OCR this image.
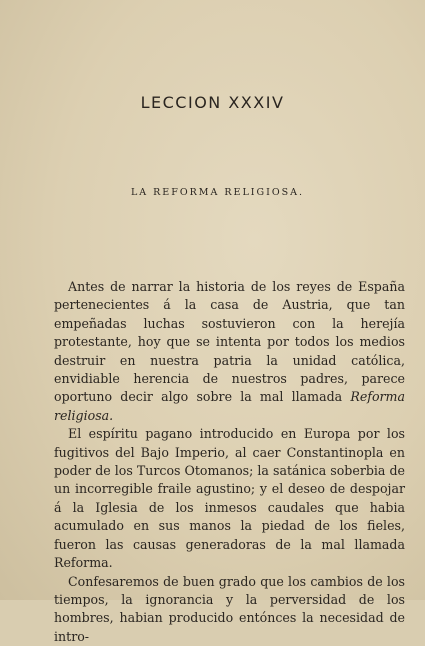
LECCION XXXIV
LA REFORMA RELIGIOSA.

Antes de narrar la historia de los reyes de España pertenecientes á la casa de Austria, que tan empeñadas luchas sostuvieron con la herejía protestante, hoy que se intenta por todos los medios destruir en nuestra patria la unidad católica, envidiable herencia de nuestros padres, parece oportuno decir algo sobre la mal llamada Reforma religiosa.

El espíritu pagano introducido en Europa por los fugitivos del Bajo Imperio, al caer Constantinopla en poder de los Turcos Otomanos; la satánica soberbia de un incorregible fraile agustino; y el deseo de despojar á la Iglesia de los inmesos caudales que habia acumulado en sus manos la piedad de los fieles, fueron las causas generadoras de la mal llamada Reforma.

Confesaremos de buen grado que los cambios de los tiempos, la ignorancia y la perversidad de los hombres, habian producido entónces la necesidad de intro-
